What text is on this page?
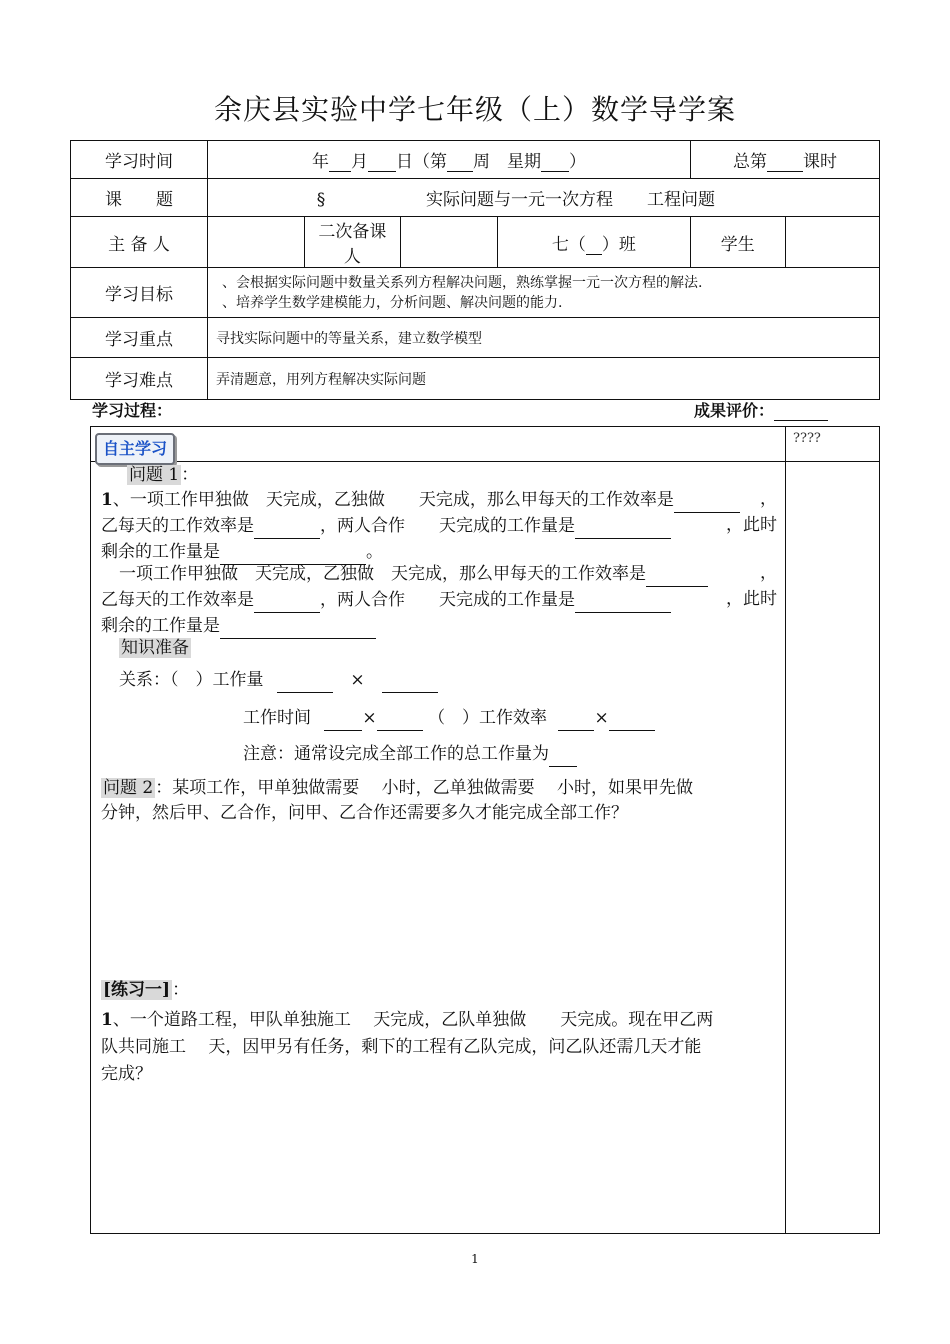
余庆县实验中学七年级（上）数学导学案
学习时间	年 月 日（第 周　星期 ）				总第 课时	
课　　题	§ 实际问题与一元一次方程　　工程问题					
主 备 人		二次备课人		七（ ）班	学生	
学习目标	、会根据实际问题中数量关系列方程解决问题，熟练掌握一元一次方程的解法.
、培养学生数学建模能力，分析问题、解决问题的能力.					

学习重点	寻找实际问题中的等量关系，建立数学模型					
学习难点	弄清题意，用列方程解决实际问题					
学习过程：	成果评价：
????
自主学习
问题 1 ：
1、一项工作甲独做　天完成，乙独做　　天完成，那么甲每天的工作效率是	，
乙每天的工作效率是	，两人合作　　天完成的工作量是	，此时
剩余的工作量是	。
一项工作甲独做　天完成，乙独做　天完成，那么甲每天的工作效率是	，
乙每天的工作效率是	，两人合作　　天完成的工作量是	，此时
剩余的工作量是
知识准备
关系：（　）工作量	×
工作时间	×	（　）工作效率	×
注意：通常设完成全部工作的总工作量为
问题 2 ：某项工作，甲单独做需要　 小时，乙单独做需要　 小时，如果甲先做
分钟，然后甲、乙合作，问甲、乙合作还需要多久才能完成全部工作？
[练习一] ：
1、一个道路工程，甲队单独施工　 天完成，乙队单独做　　天完成。现在甲乙两
队共同施工　 天，因甲另有任务，剩下的工程有乙队完成，问乙队还需几天才能
完成？
1
